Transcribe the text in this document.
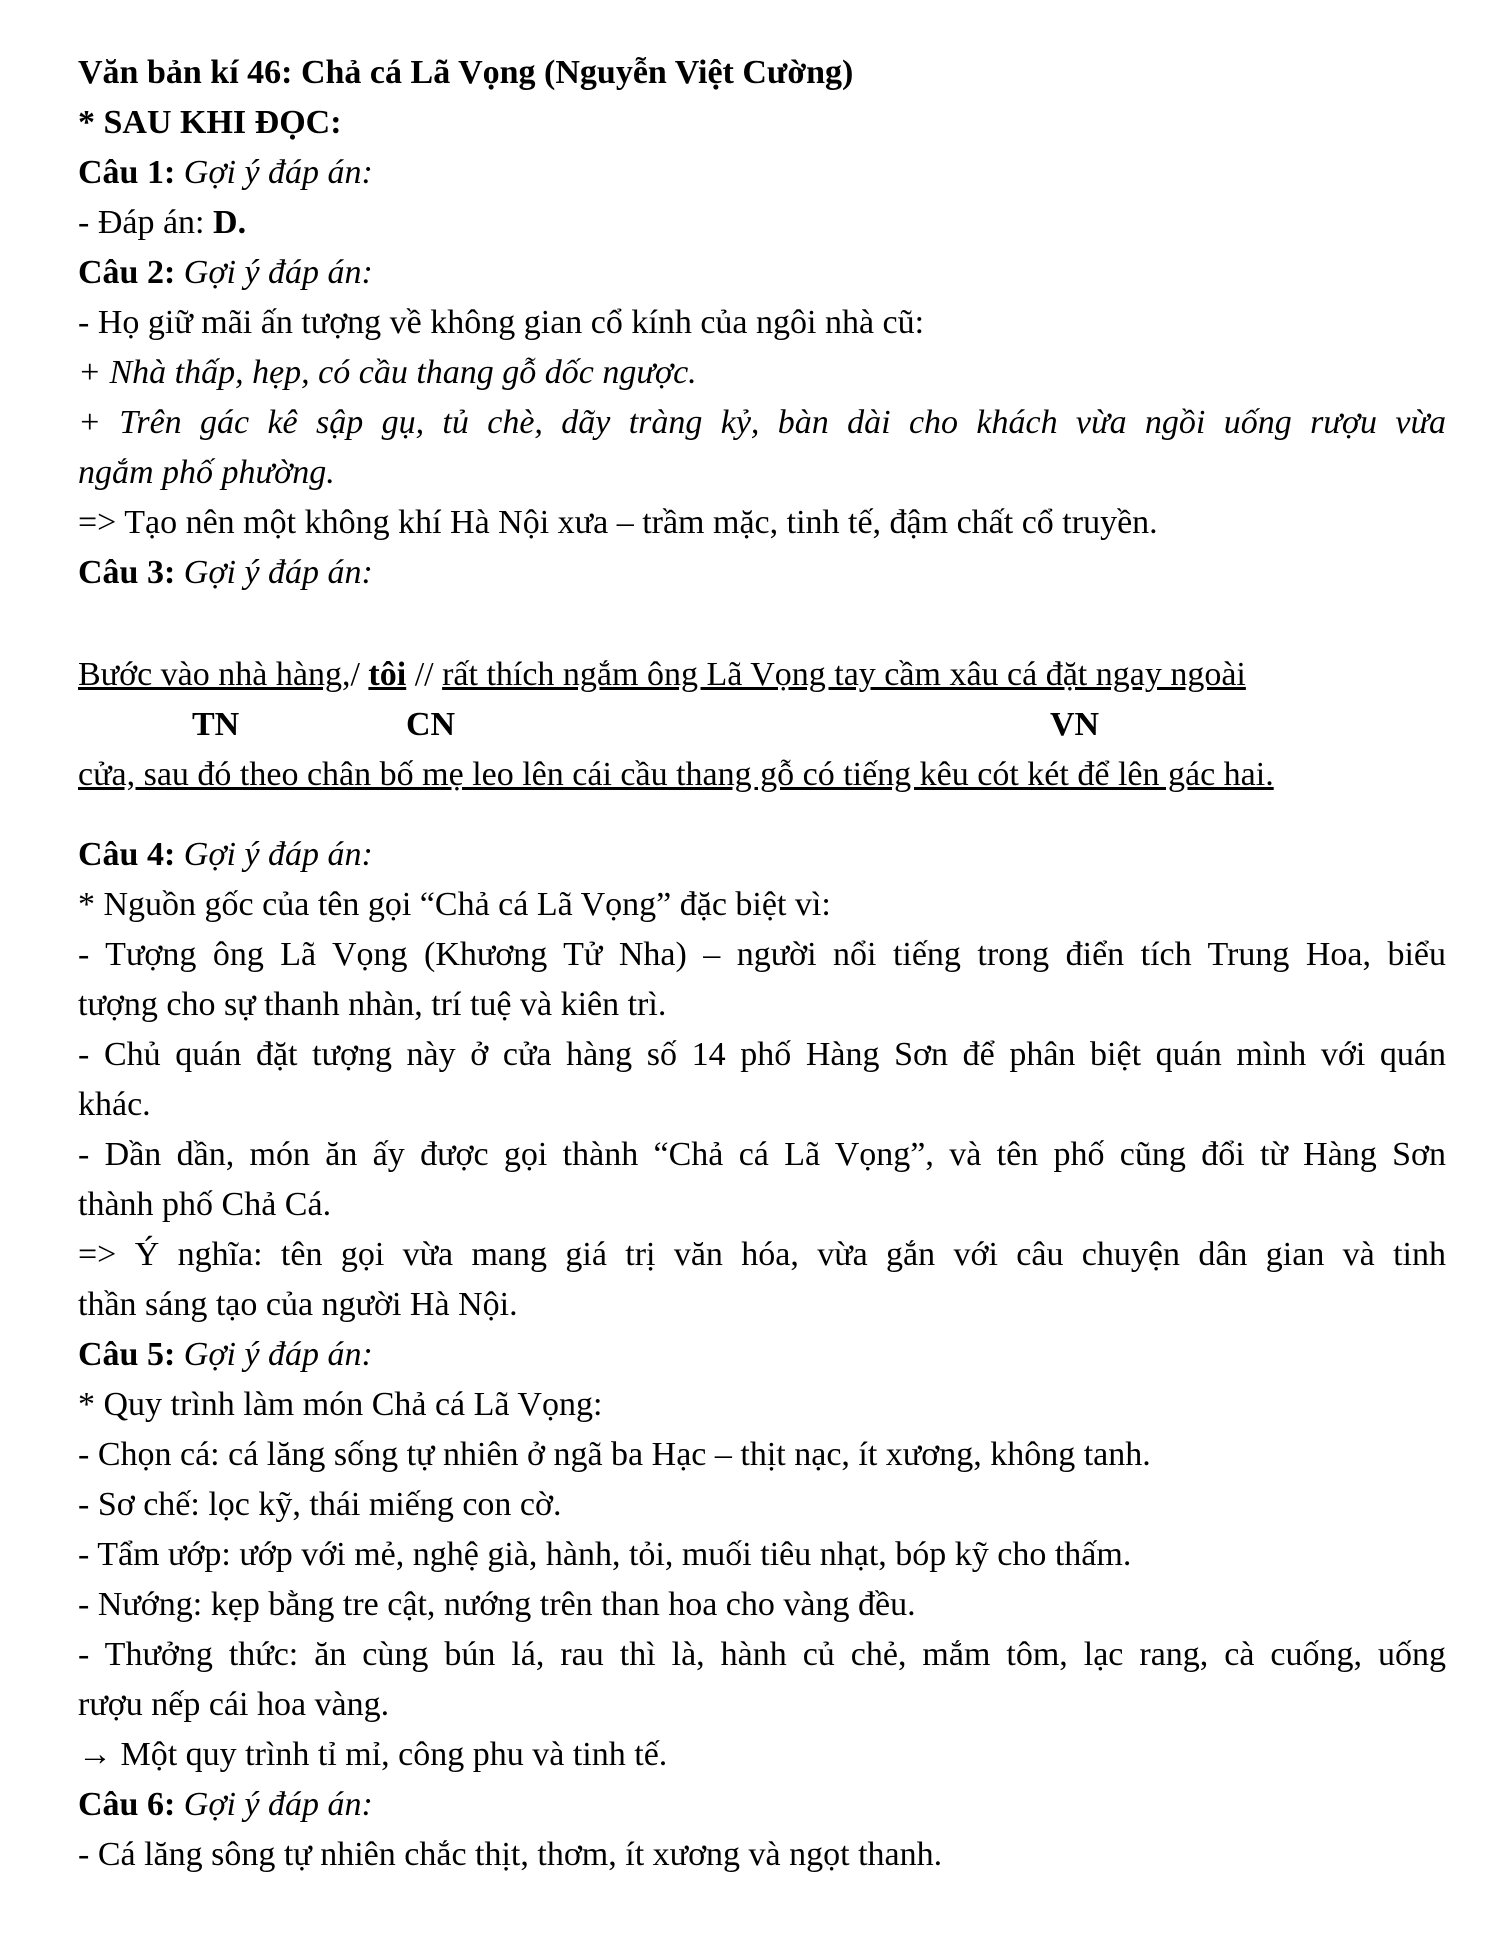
Văn bản kí 46: Chả cá Lã Vọng (Nguyễn Việt Cường)
* SAU KHI ĐỌC:
Câu 1: Gợi ý đáp án:
- Đáp án: D.
Câu 2: Gợi ý đáp án:
- Họ giữ mãi ấn tượng về không gian cổ kính của ngôi nhà cũ:
+ Nhà thấp, hẹp, có cầu thang gỗ dốc ngược.
+ Trên gác kê sập gụ, tủ chè, dãy tràng kỷ, bàn dài cho khách vừa ngồi uống rượu vừa
ngắm phố phường.
=> Tạo nên một không khí Hà Nội xưa – trầm mặc, tinh tế, đậm chất cổ truyền.
Câu 3: Gợi ý đáp án:
Bước vào nhà hàng,/ tôi // rất thích ngắm ông Lã Vọng tay cầm xâu cá đặt ngay ngoài
TN	CN	VN
cửa, sau đó theo chân bố mẹ leo lên cái cầu thang gỗ có tiếng kêu cót két để lên gác hai.
Câu 4: Gợi ý đáp án:
* Nguồn gốc của tên gọi “Chả cá Lã Vọng” đặc biệt vì:
- Tượng ông Lã Vọng (Khương Tử Nha) – người nổi tiếng trong điển tích Trung Hoa, biểu
tượng cho sự thanh nhàn, trí tuệ và kiên trì.
- Chủ quán đặt tượng này ở cửa hàng số 14 phố Hàng Sơn để phân biệt quán mình với quán
khác.
- Dần dần, món ăn ấy được gọi thành “Chả cá Lã Vọng”, và tên phố cũng đổi từ Hàng Sơn
thành phố Chả Cá.
=> Ý nghĩa: tên gọi vừa mang giá trị văn hóa, vừa gắn với câu chuyện dân gian và tinh
thần sáng tạo của người Hà Nội.
Câu 5: Gợi ý đáp án:
* Quy trình làm món Chả cá Lã Vọng:
- Chọn cá: cá lăng sống tự nhiên ở ngã ba Hạc – thịt nạc, ít xương, không tanh.
- Sơ chế: lọc kỹ, thái miếng con cờ.
- Tẩm ướp: ướp với mẻ, nghệ già, hành, tỏi, muối tiêu nhạt, bóp kỹ cho thấm.
- Nướng: kẹp bằng tre cật, nướng trên than hoa cho vàng đều.
- Thưởng thức: ăn cùng bún lá, rau thì là, hành củ chẻ, mắm tôm, lạc rang, cà cuống, uống
rượu nếp cái hoa vàng.
→ Một quy trình tỉ mỉ, công phu và tinh tế.
Câu 6: Gợi ý đáp án:
- Cá lăng sông tự nhiên chắc thịt, thơm, ít xương và ngọt thanh.
